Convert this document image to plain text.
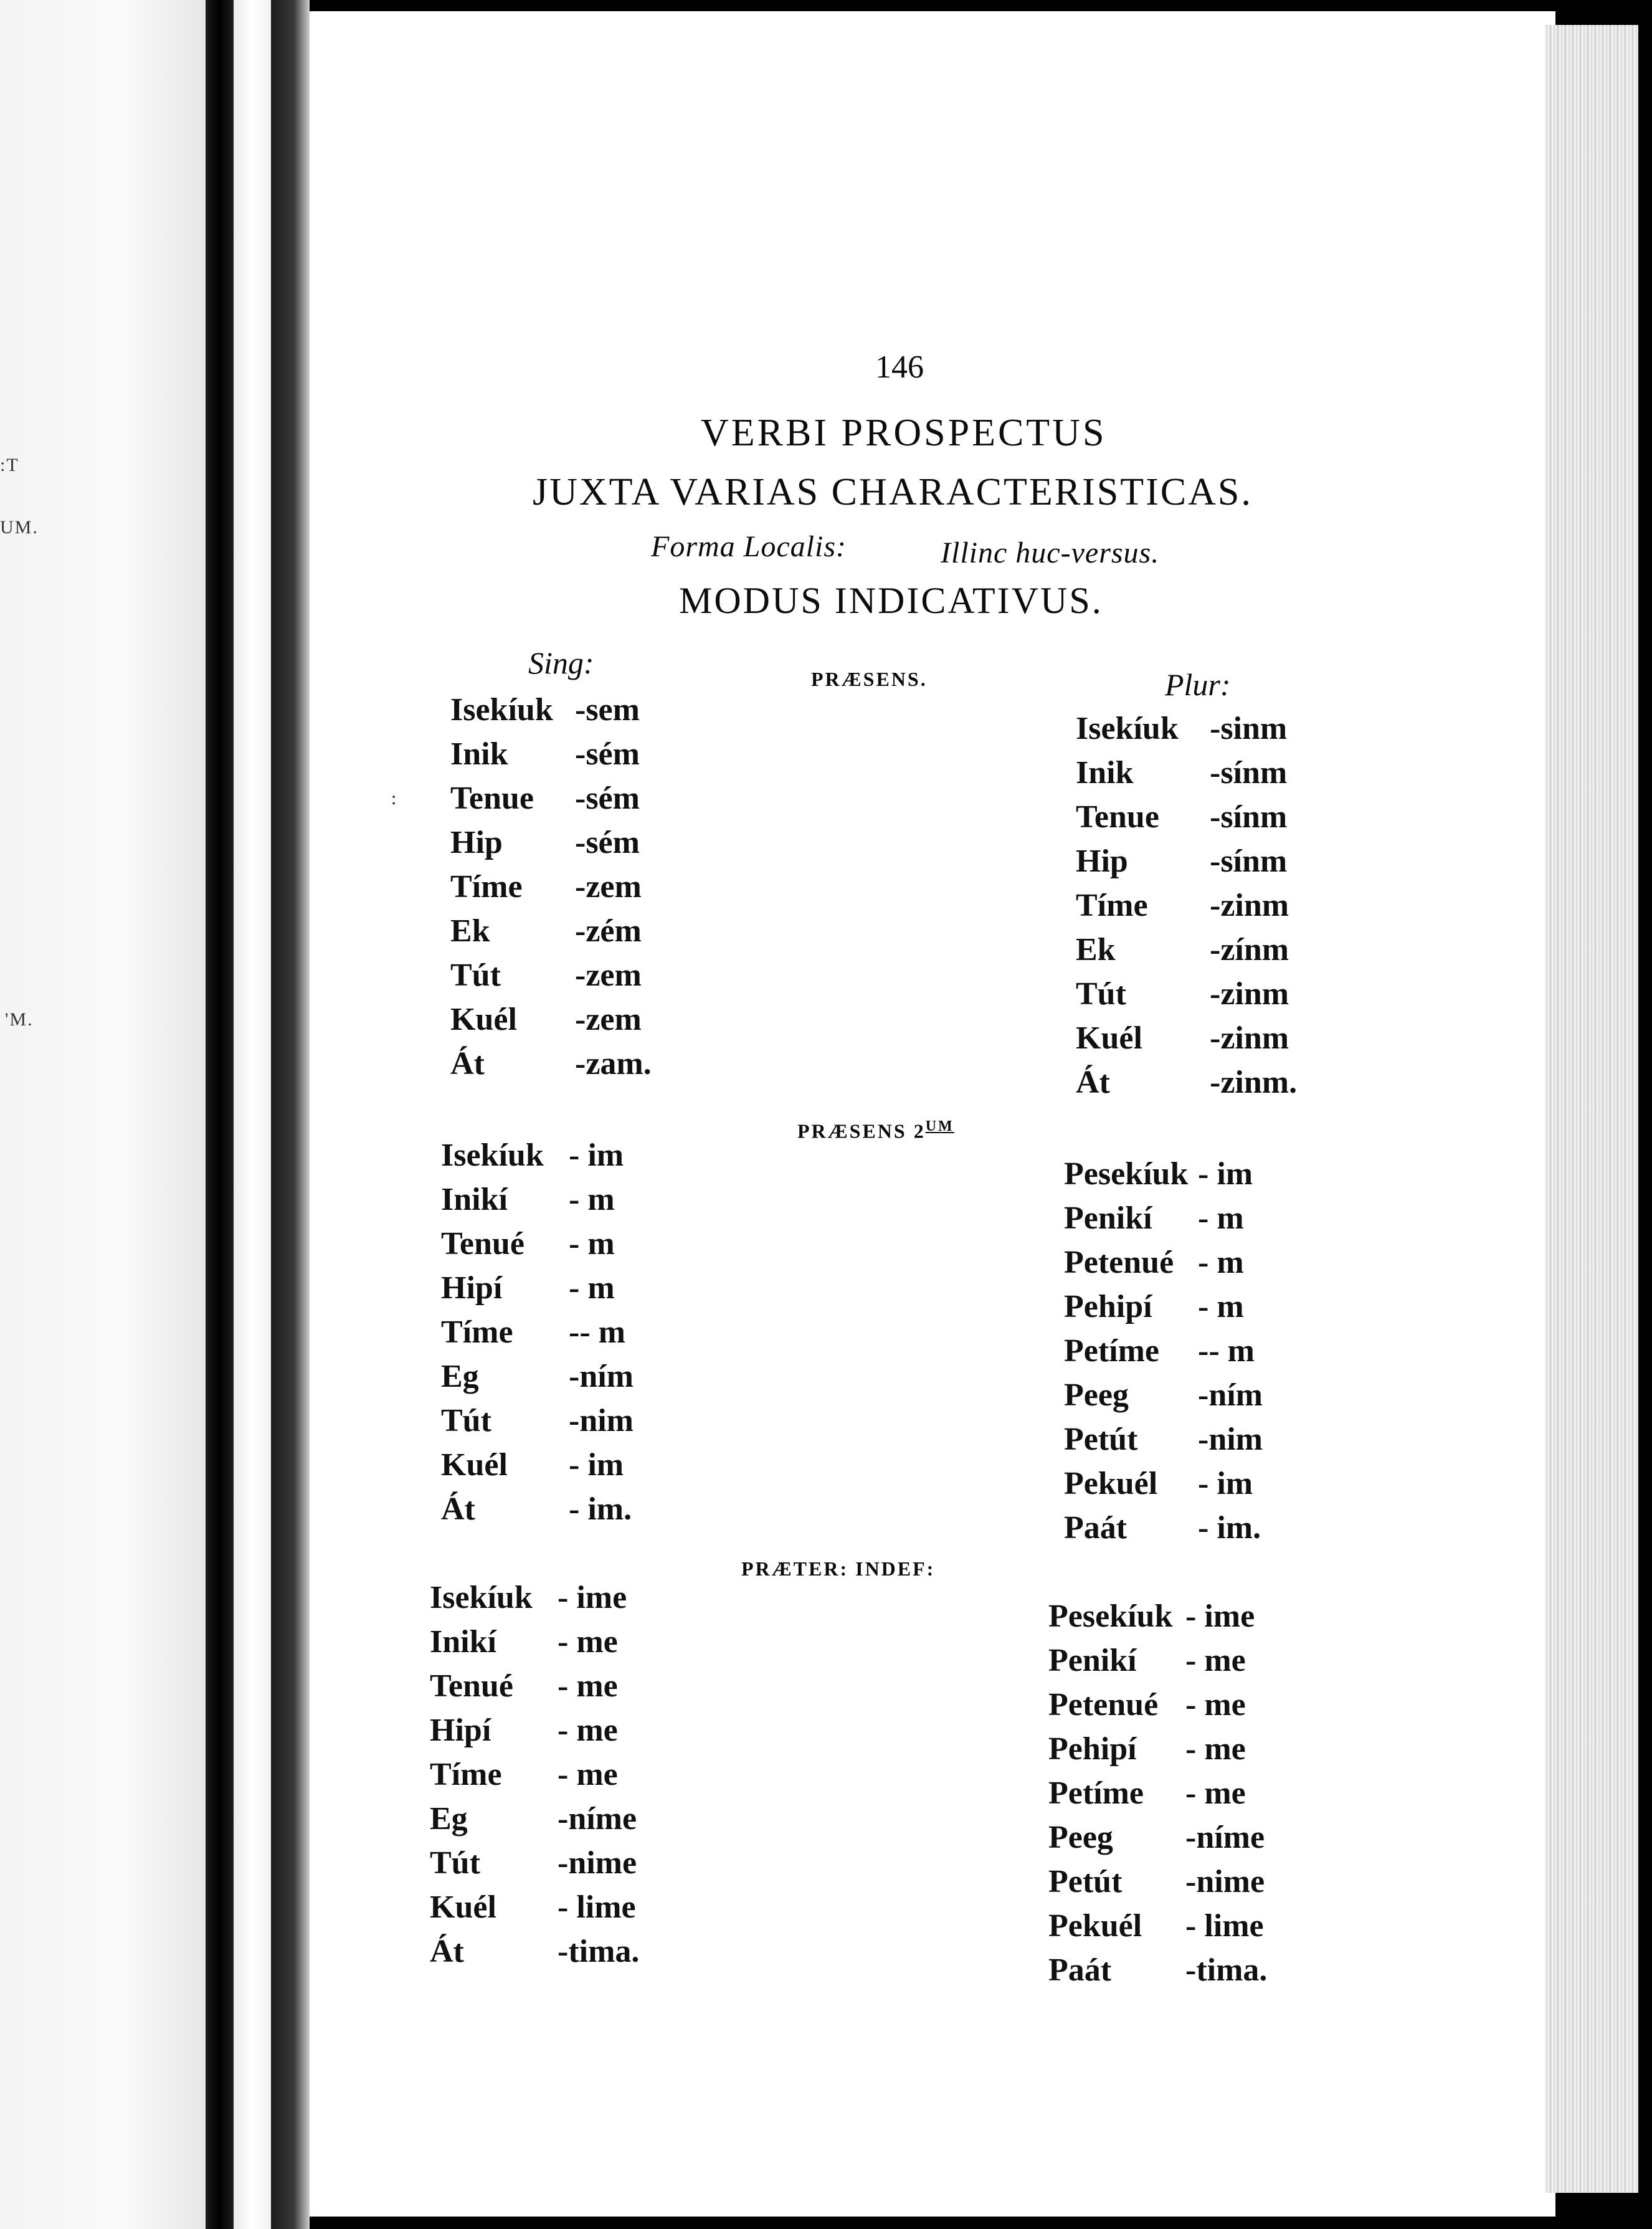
:T
UM.
'M.
:
146
VERBI PROSPECTUS
JUXTA VARIAS CHARACTERISTICAS.
Forma Localis:	Illinc huc-versus.
MODUS INDICATIVUS.
Sing:
Plur:
PRÆSENS.
PRÆSENS $2^{UM}$
PRÆTER: INDEF:
Isekíuk -sem
Inik	-sém
Tenue	-sém
Hip	-sém
Tíme	-zem
Ek	-zém
Tút	-zem
Kuél	-zem
Át	-zam.
Isekíuk -sinm
Inik	-sínm
Tenue	-sínm
Hip	-sínm
Tíme	-zinm
Ek	-zínm
Tút	-zinm
Kuél	-zinm
Át	-zinm.
Isekíuk - im
Inikí	- m
Tenué	- m
Hipí	- m
Tíme	-- m
Eg	-ním
Tút	-nim
Kuél	- im
Át	- im.
Pesekíuk - im
Penikí	- m
Petenué - m
Pehipí	- m
Petíme	-- m
Peeg	-ním
Petút	-nim
Pekuél	- im
Paát	- im.
Isekíuk - ime
Inikí	- me
Tenué	- me
Hipí	- me
Tíme	- me
Eg	-níme
Tút	-nime
Kuél	- lime
Át	-tima.
Pesekíuk - ime
Penikí	- me
Petenué - me
Pehipí	- me
Petíme	- me
Peeg	-níme
Petút	-nime
Pekuél	- lime
Paát	-tima.
